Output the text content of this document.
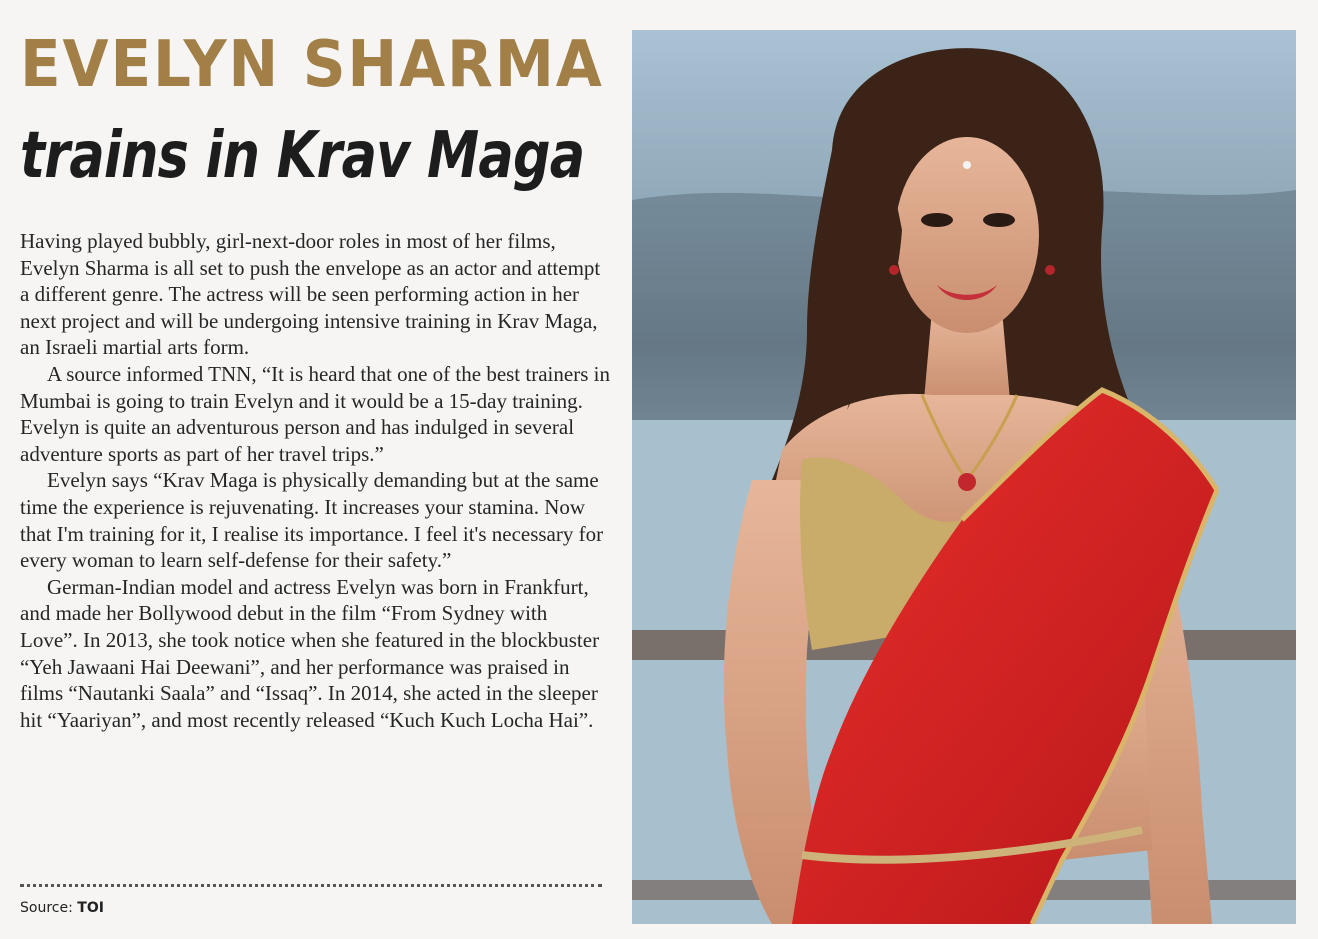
EVELYN SHARMA
trains in Krav Maga

Having played bubbly, girl-next-door roles in most of her films, Evelyn Sharma is all set to push the envelope as an actor and attempt a different genre. The actress will be seen performing action in her next project and will be undergoing intensive training in Krav Maga, an Israeli martial arts form.

A source informed TNN, “It is heard that one of the best trainers in Mumbai is going to train Evelyn and it would be a 15-day training. Evelyn is quite an adventurous person and has indulged in several adventure sports as part of her travel trips.”

Evelyn says “Krav Maga is physically demanding but at the same time the experience is rejuvenating. It increases your stamina. Now that I'm training for it, I realise its importance. I feel it's necessary for every woman to learn self-defense for their safety.”

German-Indian model and actress Evelyn was born in Frankfurt, and made her Bollywood debut in the film “From Sydney with Love”. In 2013, she took notice when she featured in the blockbuster “Yeh Jawaani Hai Deewani”, and her performance was praised in films “Nautanki Saala” and “Issaq”. In 2014, she acted in the sleeper hit “Yaariyan”, and most recently released “Kuch Kuch Locha Hai”.

Source: TOI
